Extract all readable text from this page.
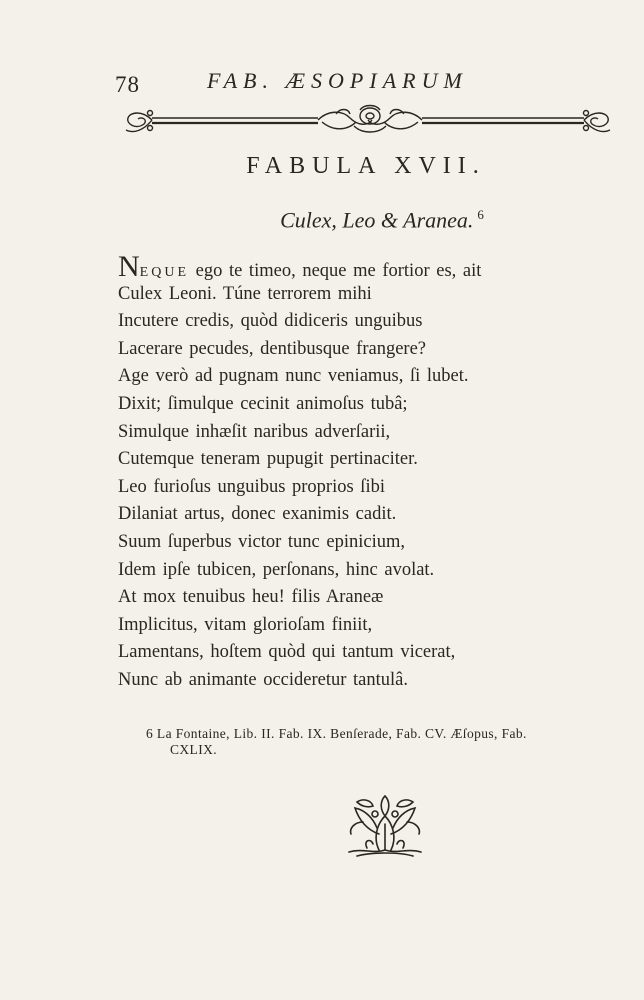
78	FAB. ÆSOPIARUM
FABULA XVII.
Culex, Leo & Aranea. $^6$
NEQUE ego te timeo, neque me fortior es, ait
Culex Leoni. Túne terrorem mihi
Incutere credis, quòd didiceris unguibus
Lacerare pecudes, dentibusque frangere?
Age verò ad pugnam nunc veniamus, ſi lubet.
Dixit; ſimulque cecinit animoſus tubâ;
Simulque inhæſit naribus adverſarii,
Cutemque teneram pupugit pertinaciter.
Leo furioſus unguibus proprios ſibi
Dilaniat artus, donec exanimis cadit.
Suum ſuperbus victor tunc epinicium,
Idem ipſe tubicen, perſonans, hinc avolat.
At mox tenuibus heu! filis Araneæ
Implicitus, vitam glorioſam finiit,
Lamentans, hoſtem quòd qui tantum vicerat,
Nunc ab animante occideretur tantulâ.
6 La Fontaine, Lib. II. Fab. IX. Benſerade, Fab. CV. Æſopus, Fab.
CXLIX.
